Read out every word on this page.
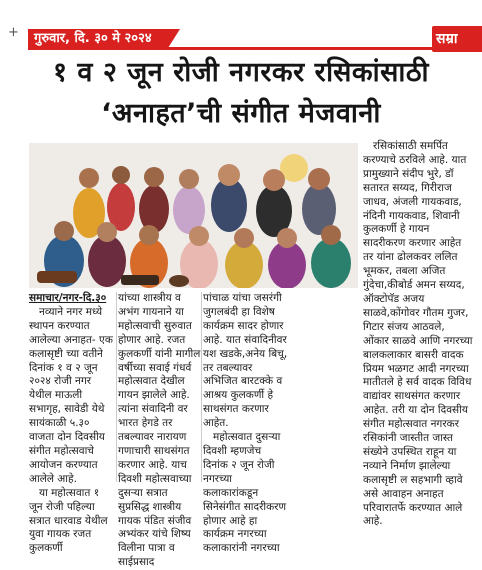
+	गुरुवार, दि. ३० मे २०२४	सम्रा
१ व २ जून रोजी नगरकर रसिकांसाठी
‘अनाहत’ची संगीत मेजवानी

रसिकांसाठी समर्पित करण्याचे ठरविले आहे. यात प्रामुख्याने संदीप भुरे, डॉ सतारत सय्यद, गिरीराज जाधव, अंजली गायकवाड, नंदिनी गायकवाड, शिवानी कुलकर्णी हे गायन सादरीकरण करणार आहेत तर यांना ढोलकवर ललित भूमकर, तबला अजित गुंदेचा,कीबोर्ड अमन सय्यद, ऑक्टोपॅड अजय साळवे,कोंगोवर गौतम गुजर, गिटार संजय आठवले, ओंकार साळवे आणि नगरच्या बालकलाकार बासरी वादक प्रियम भळगट आदी नगरच्या मातीतले हे सर्व वादक विविध वाद्यांवर साथसंगत करणार आहेत. तरी या दोन दिवसीय संगीत महोत्सवात नगरकर रसिकांनी जास्तीत जास्त संख्येने उपस्थित राहून या नव्याने निर्माण झालेल्या कलासृष्टी ल सहभागी व्हावे असे आवाहन अनाहत परिवारातर्फे करण्यात आले आहे.

समाचार/नगर-दि.३०

नव्याने नगर मध्ये स्थापन करण्यात आलेल्या अनाहत- एक कलासृष्टी च्या वतीने दिनांक १ व २ जून २०२४ रोजी नगर येथील माऊली सभागृह, सावेडी येथे सायंकाळी ५.३० वाजता दोन दिवसीय संगीत महोत्सवाचे आयोजन करण्यात आलेले आहे.

या महोत्सवात १ जून रोजी पहिल्या सत्रात धारवाड येथील युवा गायक रजत कुलकर्णी

यांच्या शास्त्रीय व अभंग गायनाने या महोत्सवाची सुरुवात होणार आहे. रजत कुलकर्णी यांनी मागील वर्षीच्या सवाई गंधर्व महोत्सवात देखील गायन झालेले आहे. त्यांना संवादिनी वर भारत हेगडे तर तबल्यावर नारायण गणाचारी साथसंगत करणार आहे. याच दिवशी महोत्सवाच्या दुसऱ्या सत्रात सुप्रसिद्ध शास्त्रीय गायक पंडित संजीव अभ्यंकर यांचे शिष्य विलीना पात्रा व साईप्रसाद

पांचाळ यांचा जसरंगी जुगलबंदी हा विशेष कार्यक्रम सादर होणार आहे. यात संवादिनीवर यश खडके,अनेय बिचू, तर तबल्यावर अभिजित बारटक्के व आश्रय कुलकर्णी हे साथसंगत करणार आहेत.

महोत्सवात दुसऱ्या दिवशी म्हणजेच दिनांक २ जून रोजी नगरच्या कलाकारांकडून सिनेसंगीत सादरीकरण होणार आहे हा कार्यक्रम नगरच्या कलाकारांनी नगरच्या
